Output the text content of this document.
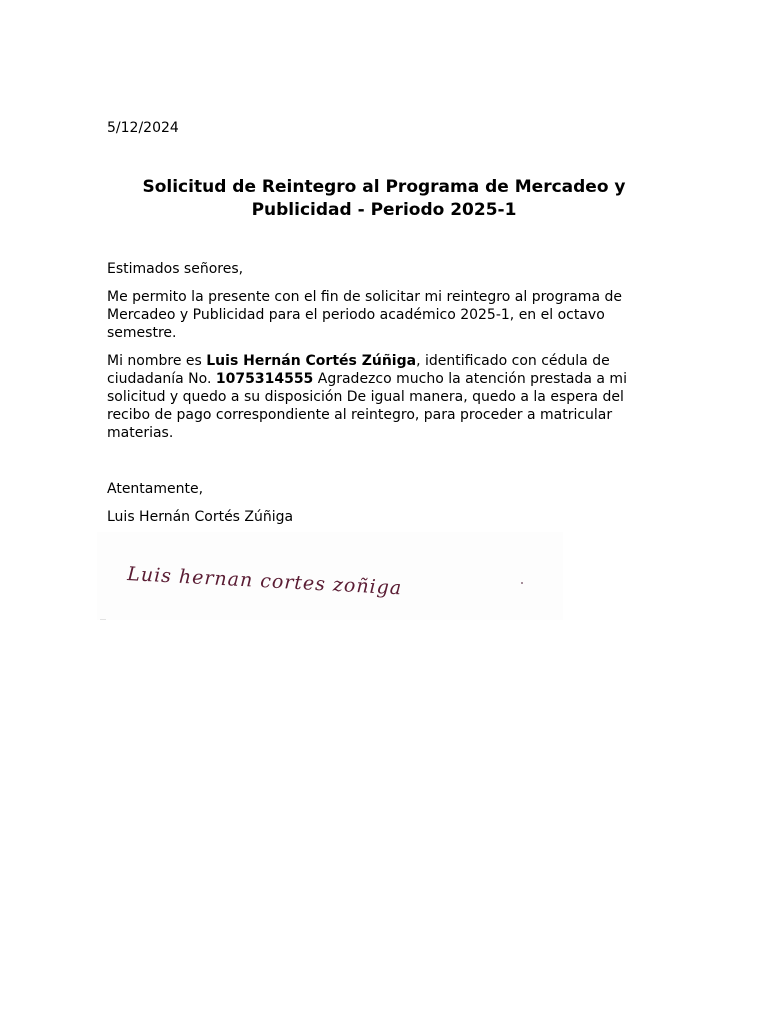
5/12/2024
Solicitud de Reintegro al Programa de Mercadeo y Publicidad - Periodo 2025-1
Estimados señores,

Me permito la presente con el fin de solicitar mi reintegro al programa de Mercadeo y Publicidad para el periodo académico 2025-1, en el octavo semestre.

Mi nombre es Luis Hernán Cortés Zúñiga, identificado con cédula de ciudadanía No. 1075314555 Agradezco mucho la atención prestada a mi solicitud y quedo a su disposición De igual manera, quedo a la espera del recibo de pago correspondiente al reintegro, para proceder a matricular materias.

Atentamente,
Luis Hernán Cortés Zúñiga
Luis hernan cortes zoñiga
